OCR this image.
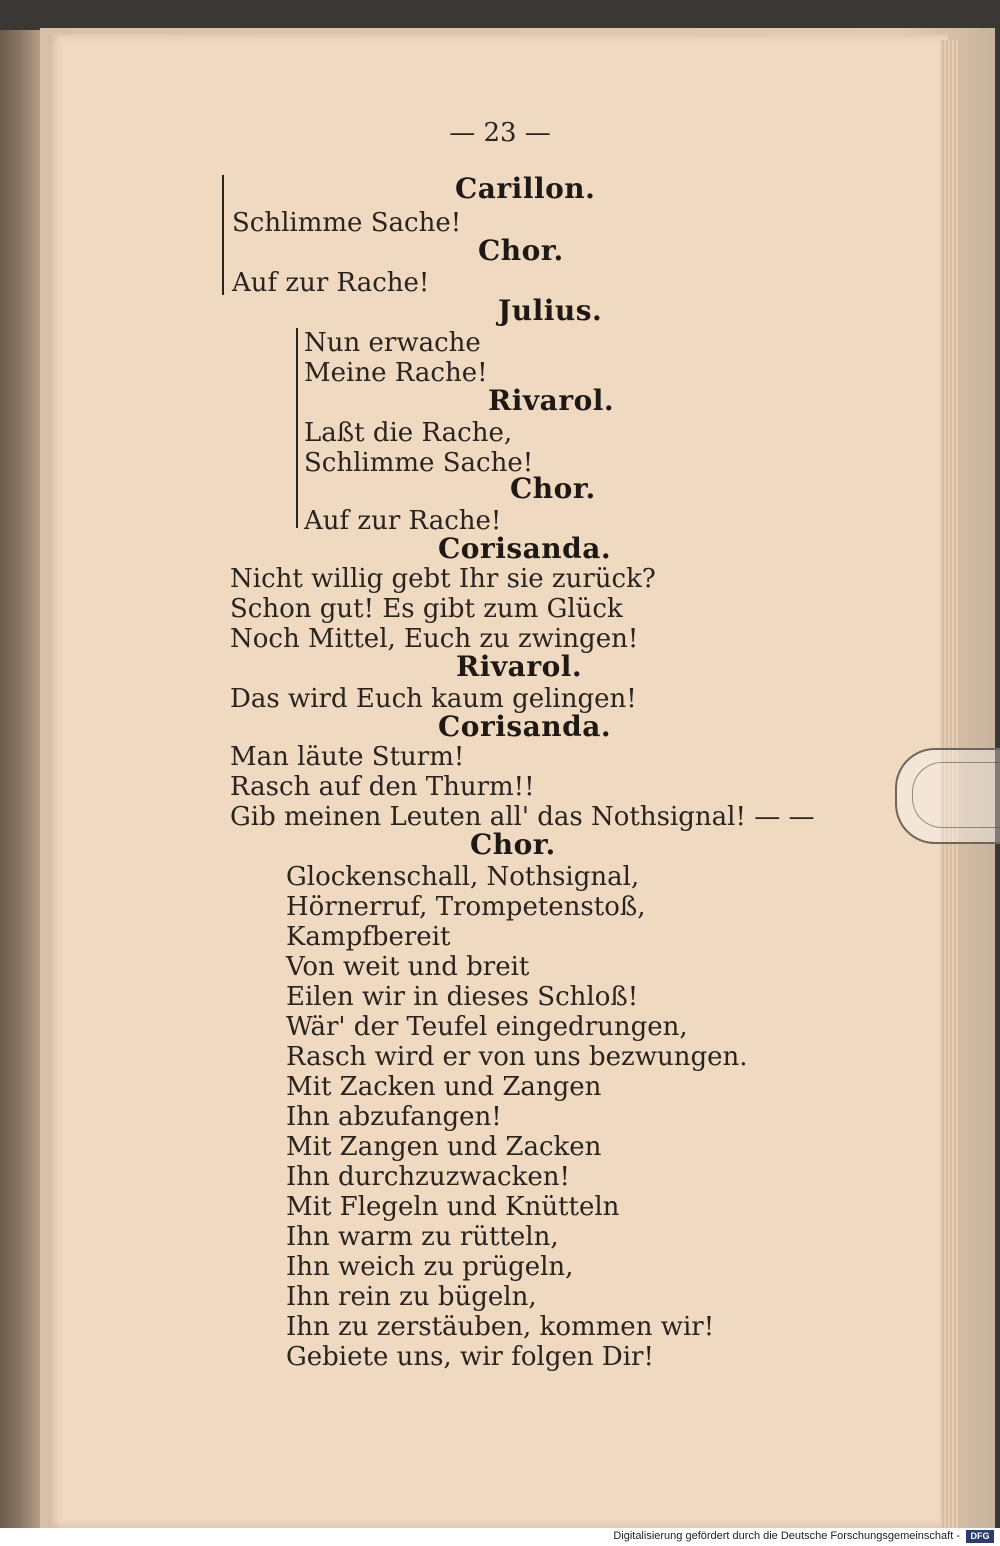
— 23 —
Carillon.
Schlimme Sache!
Chor.
Auf zur Rache!
Julius.
Nun erwache
Meine Rache!
Rivarol.
Laßt die Rache,
Schlimme Sache!
Chor.
Auf zur Rache!
Corisanda.
Nicht willig gebt Ihr sie zurück?
Schon gut! Es gibt zum Glück
Noch Mittel, Euch zu zwingen!
Rivarol.
Das wird Euch kaum gelingen!
Corisanda.
Man läute Sturm!
Rasch auf den Thurm!!
Gib meinen Leuten all' das Nothsignal! — —
Chor.
Glockenschall, Nothsignal,
Hörnerruf, Trompetenstoß,
Kampfbereit
Von weit und breit
Eilen wir in dieses Schloß!
Wär' der Teufel eingedrungen,
Rasch wird er von uns bezwungen.
Mit Zacken und Zangen
Ihn abzufangen!
Mit Zangen und Zacken
Ihn durchzuzwacken!
Mit Flegeln und Knütteln
Ihn warm zu rütteln,
Ihn weich zu prügeln,
Ihn rein zu bügeln,
Ihn zu zerstäuben, kommen wir!
Gebiete uns, wir folgen Dir!
Digitalisierung gefördert durch die Deutsche Forschungsgemeinschaft -	DFG
